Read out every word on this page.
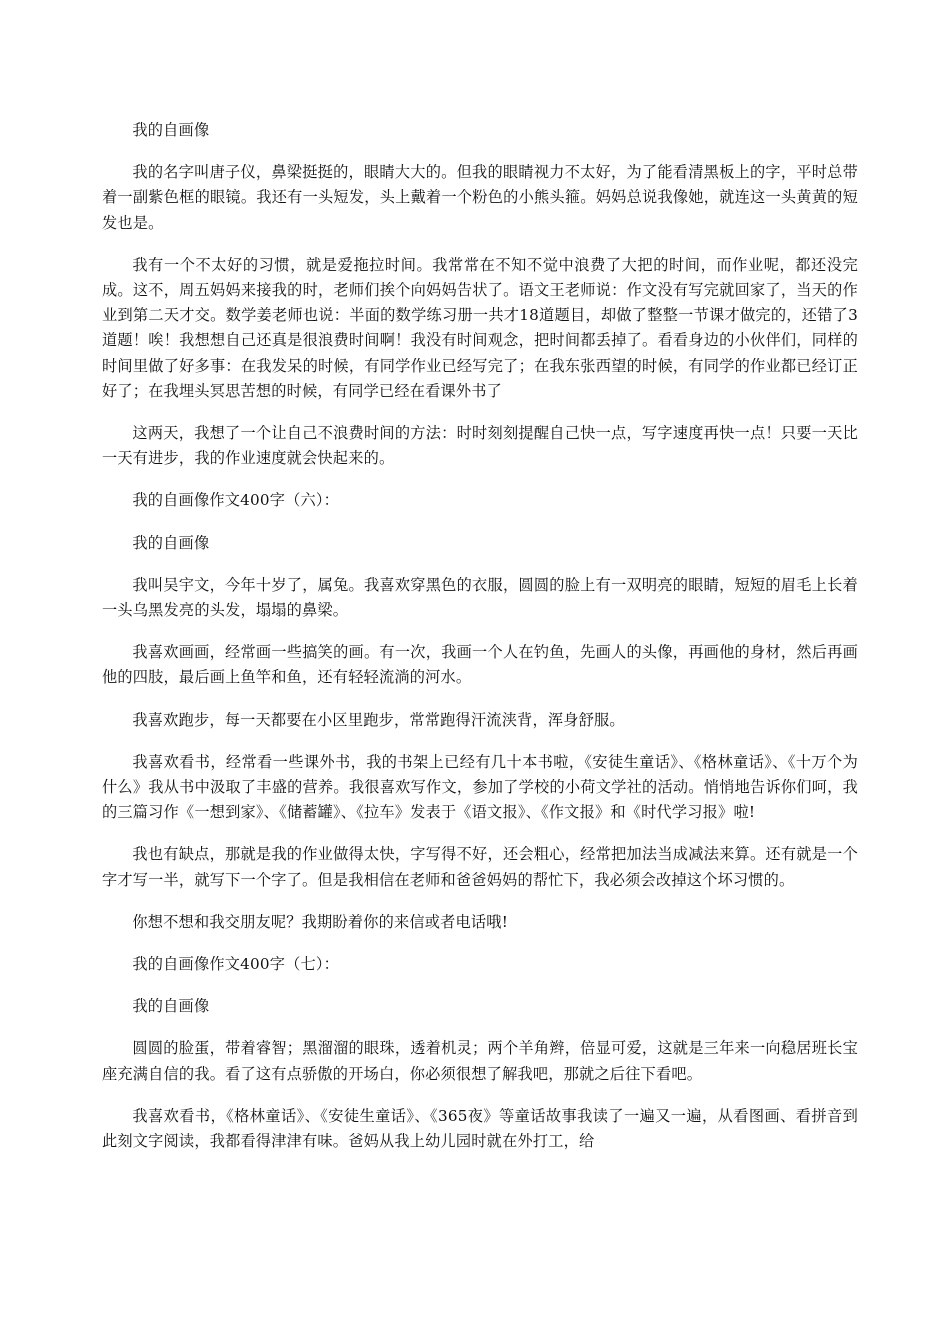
我的自画像

我的名字叫唐子仪，鼻梁挺挺的，眼睛大大的。但我的眼睛视力不太好，为了能看清黑板上的字，平时总带着一副紫色框的眼镜。我还有一头短发，头上戴着一个粉色的小熊头箍。妈妈总说我像她，就连这一头黄黄的短发也是。

我有一个不太好的习惯，就是爱拖拉时间。我常常在不知不觉中浪费了大把的时间，而作业呢，都还没完成。这不，周五妈妈来接我的时，老师们挨个向妈妈告状了。语文王老师说：作文没有写完就回家了，当天的作业到第二天才交。数学姜老师也说：半面的数学练习册一共才18道题目，却做了整整一节课才做完的，还错了3道题！唉！我想想自己还真是很浪费时间啊！我没有时间观念，把时间都丢掉了。看看身边的小伙伴们，同样的时间里做了好多事：在我发呆的时候，有同学作业已经写完了；在我东张西望的时候，有同学的作业都已经订正好了；在我埋头冥思苦想的时候，有同学已经在看课外书了

这两天，我想了一个让自己不浪费时间的方法：时时刻刻提醒自己快一点，写字速度再快一点！只要一天比一天有进步，我的作业速度就会快起来的。

我的自画像作文400字（六）：

我的自画像

我叫吴宇文，今年十岁了，属兔。我喜欢穿黑色的衣服，圆圆的脸上有一双明亮的眼睛，短短的眉毛上长着一头乌黑发亮的头发，塌塌的鼻梁。

我喜欢画画，经常画一些搞笑的画。有一次，我画一个人在钓鱼，先画人的头像，再画他的身材，然后再画他的四肢，最后画上鱼竿和鱼，还有轻轻流淌的河水。

我喜欢跑步，每一天都要在小区里跑步，常常跑得汗流浃背，浑身舒服。

我喜欢看书，经常看一些课外书，我的书架上已经有几十本书啦，《安徒生童话》、《格林童话》、《十万个为什么》我从书中汲取了丰盛的营养。我很喜欢写作文，参加了学校的小荷文学社的活动。悄悄地告诉你们呵，我的三篇习作《一想到家》、《储蓄罐》、《拉车》发表于《语文报》、《作文报》和《时代学习报》啦!

我也有缺点，那就是我的作业做得太快，字写得不好，还会粗心，经常把加法当成减法来算。还有就是一个字才写一半，就写下一个字了。但是我相信在老师和爸爸妈妈的帮忙下，我必须会改掉这个坏习惯的。

你想不想和我交朋友呢？我期盼着你的来信或者电话哦!

我的自画像作文400字（七）：

我的自画像

圆圆的脸蛋，带着睿智；黑溜溜的眼珠，透着机灵；两个羊角辫，倍显可爱，这就是三年来一向稳居班长宝座充满自信的我。看了这有点骄傲的开场白，你必须很想了解我吧，那就之后往下看吧。

我喜欢看书，《格林童话》、《安徒生童话》、《365夜》等童话故事我读了一遍又一遍，从看图画、看拼音到此刻文字阅读，我都看得津津有味。爸妈从我上幼儿园时就在外打工，给
